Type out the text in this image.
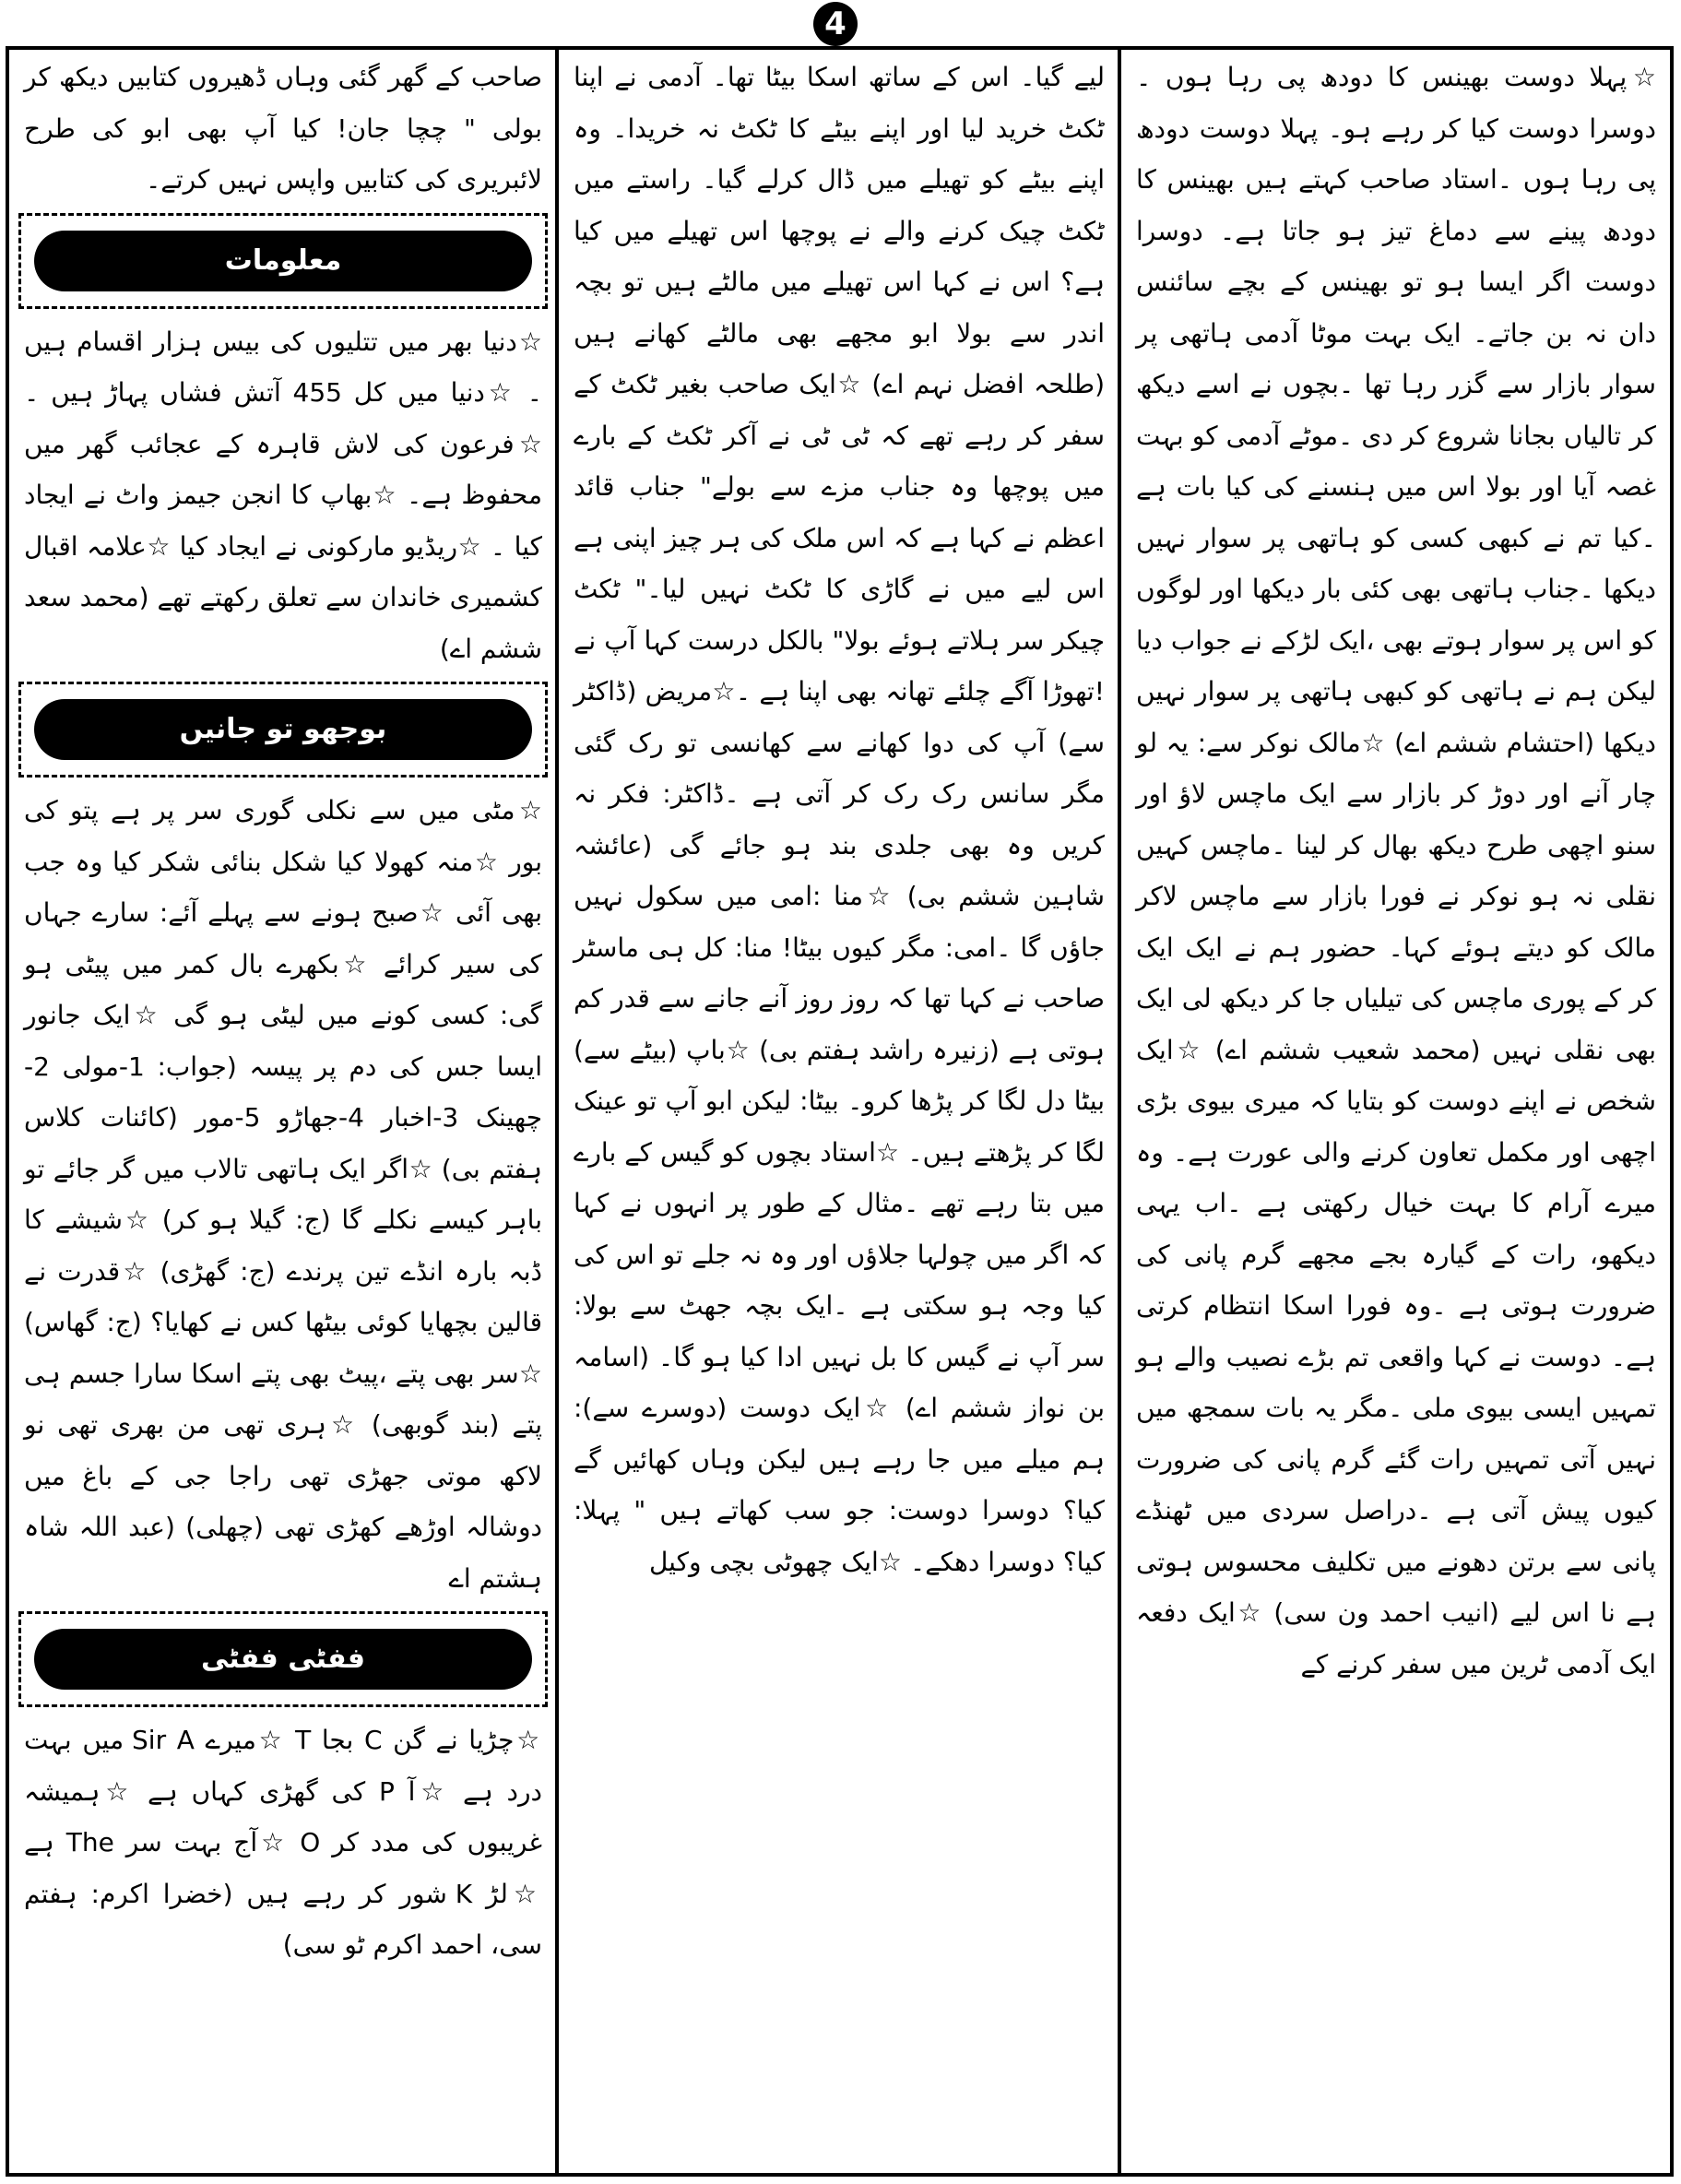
4

☆پہلا دوست بھینس کا دودھ پی رہا ہوں ۔دوسرا دوست کیا کر رہے ہو۔ پہلا دوست دودھ پی رہا ہوں ۔استاد صاحب کہتے ہیں بھینس کا دودھ پینے سے دماغ تیز ہو جاتا ہے۔ دوسرا دوست اگر ایسا ہو تو بھینس کے بچے سائنس دان نہ بن جاتے۔ ایک بہت موٹا آدمی ہاتھی پر سوار بازار سے گزر رہا تھا ۔بچوں نے اسے دیکھ کر تالیاں بجانا شروع کر دی ۔موٹے آدمی کو بہت غصہ آیا اور بولا اس میں ہنسنے کی کیا بات ہے ۔کیا تم نے کبھی کسی کو ہاتھی پر سوار نہیں دیکھا ۔جناب ہاتھی بھی کئی بار دیکھا اور لوگوں کو اس پر سوار ہوتے بھی ،ایک لڑکے نے جواب دیا لیکن ہم نے ہاتھی کو کبھی ہاتھی پر سوار نہیں دیکھا (احتشام ششم اے) ☆مالک نوکر سے: یہ لو چار آنے اور دوڑ کر بازار سے ایک ماچس لاؤ اور سنو اچھی طرح دیکھ بھال کر لینا ۔ماچس کہیں نقلی نہ ہو نوکر نے فورا بازار سے ماچس لاکر مالک کو دیتے ہوئے کہا۔ حضور ہم نے ایک ایک کر کے پوری ماچس کی تیلیاں جا کر دیکھ لی ایک بھی نقلی نہیں (محمد شعیب ششم اے) ☆ایک شخص نے اپنے دوست کو بتایا کہ میری بیوی بڑی اچھی اور مکمل تعاون کرنے والی عورت ہے۔ وہ میرے آرام کا بہت خیال رکھتی ہے ۔اب یہی دیکھو، رات کے گیارہ بجے مجھے گرم پانی کی ضرورت ہوتی ہے ۔وہ فورا اسکا انتظام کرتی ہے۔ دوست نے کہا واقعی تم بڑے نصیب والے ہو تمہیں ایسی بیوی ملی ۔مگر یہ بات سمجھ میں نہیں آتی تمہیں رات گئے گرم پانی کی ضرورت کیوں پیش آتی ہے ۔دراصل سردی میں ٹھنڈے پانی سے برتن دھونے میں تکلیف محسوس ہوتی ہے نا اس لیے (انیب احمد ون سی) ☆ایک دفعہ ایک آدمی ٹرین میں سفر کرنے کے

لیے گیا۔ اس کے ساتھ اسکا بیٹا تھا۔ آدمی نے اپنا ٹکٹ خرید لیا اور اپنے بیٹے کا ٹکٹ نہ خریدا۔ وہ اپنے بیٹے کو تھیلے میں ڈال کرلے گیا۔ راستے میں ٹکٹ چیک کرنے والے نے پوچھا اس تھیلے میں کیا ہے؟ اس نے کہا اس تھیلے میں مالٹے ہیں تو بچہ اندر سے بولا ابو مجھے بھی مالٹے کھانے ہیں (طلحہ افضل نہم اے) ☆ایک صاحب بغیر ٹکٹ کے سفر کر رہے تھے کہ ٹی ٹی نے آکر ٹکٹ کے بارے میں پوچھا وہ جناب مزے سے بولے" جناب قائد اعظم نے کہا ہے کہ اس ملک کی ہر چیز اپنی ہے اس لیے میں نے گاڑی کا ٹکٹ نہیں لیا۔" ٹکٹ چیکر سر ہلاتے ہوئے بولا" بالکل درست کہا آپ نے !تھوڑا آگے چلئے تھانہ بھی اپنا ہے ۔☆مریض (ڈاکٹر سے) آپ کی دوا کھانے سے کھانسی تو رک گئی مگر سانس رک رک کر آتی ہے ۔ڈاکٹر: فکر نہ کریں وہ بھی جلدی بند ہو جائے گی (عائشہ شاہین ششم بی) ☆منا :امی میں سکول نہیں جاؤں گا ۔امی: مگر کیوں بیٹا! منا: کل ہی ماسٹر صاحب نے کہا تھا کہ روز روز آنے جانے سے قدر کم ہوتی ہے (زنیرہ راشد ہفتم بی) ☆باپ (بیٹے سے) بیٹا دل لگا کر پڑھا کرو۔ بیٹا: لیکن ابو آپ تو عینک لگا کر پڑھتے ہیں۔ ☆استاد بچوں کو گیس کے بارے میں بتا رہے تھے ۔مثال کے طور پر انہوں نے کہا کہ اگر میں چولہا جلاؤں اور وہ نہ جلے تو اس کی کیا وجہ ہو سکتی ہے ۔ایک بچہ جھٹ سے بولا: سر آپ نے گیس کا بل نہیں ادا کیا ہو گا۔ (اسامہ بن نواز ششم اے) ☆ایک دوست (دوسرے سے): ہم میلے میں جا رہے ہیں لیکن وہاں کھائیں گے کیا؟ دوسرا دوست: جو سب کھاتے ہیں " پہلا: کیا؟ دوسرا دھکے۔ ☆ایک چھوٹی بچی وکیل

صاحب کے گھر گئی وہاں ڈھیروں کتابیں دیکھ کر بولی " چچا جان! کیا آپ بھی ابو کی طرح لائبریری کی کتابیں واپس نہیں کرتے۔

معلومات

☆دنیا بھر میں تتلیوں کی بیس ہزار اقسام ہیں ۔ ☆دنیا میں کل 455 آتش فشاں پہاڑ ہیں ۔ ☆فرعون کی لاش قاہرہ کے عجائب گھر میں محفوظ ہے۔ ☆بھاپ کا انجن جیمز واٹ نے ایجاد کیا ۔ ☆ریڈیو مارکونی نے ایجاد کیا ☆علامہ اقبال کشمیری خاندان سے تعلق رکھتے تھے (محمد سعد ششم اے)

بوجھو تو جانیں

☆مٹی میں سے نکلی گوری سر پر ہے پتو کی بور ☆منہ کھولا کیا شکل بنائی شکر کیا وہ جب بھی آئی ☆صبح ہونے سے پہلے آئے: سارے جہاں کی سیر کرائے ☆بکھرے بال کمر میں پیٹی ہو گی: کسی کونے میں لیٹی ہو گی ☆ایک جانور ایسا جس کی دم پر پیسہ (جواب: 1-مولی 2-چھینک 3-اخبار 4-جھاڑو 5-مور (کائنات کلاس ہفتم بی) ☆اگر ایک ہاتھی تالاب میں گر جائے تو باہر کیسے نکلے گا (ج: گیلا ہو کر) ☆شیشے کا ڈبہ بارہ انڈے تین پرندے (ج: گھڑی) ☆قدرت نے قالین بچھایا کوئی بیٹھا کس نے کھایا؟ (ج: گھاس) ☆سر بھی پتے ،پیٹ بھی پتے اسکا سارا جسم ہی پتے (بند گوبھی) ☆ہری تھی من بھری تھی نو لاکھ موتی جھڑی تھی راجا جی کے باغ میں دوشالہ اوڑھے کھڑی تھی (چھلی) (عبد اللہ شاہ ہشتم اے

ففٹی ففٹی

☆چڑیا نے گن C بجا T ☆میرے Sir A میں بہت درد ہے ☆آ P کی گھڑی کہاں ہے ☆ہمیشہ غریبوں کی مدد کر O ☆آج بہت سر The ہے ☆لڑ K شور کر رہے ہیں (خضرا اکرم: ہفتم سی، احمد اکرم ٹو سی)
